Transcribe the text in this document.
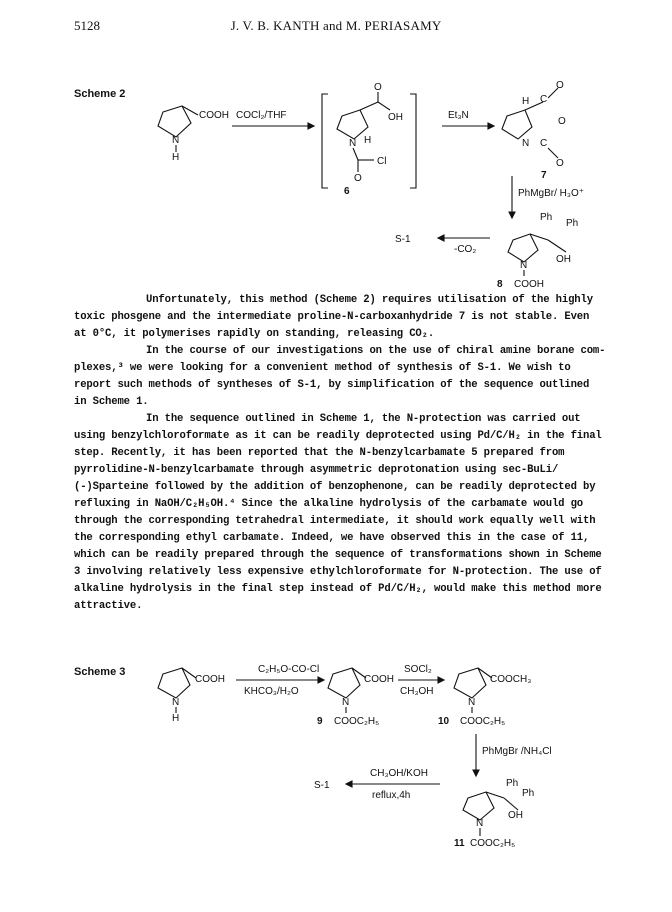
5128	J. V. B. KANTH and M. PERIASAMY
Scheme 2
COOH
N
H
COCl₂/THF
O
OH
N H
Cl
O
6
Et₃N
H C
O
O
N C
O
7
PhMgBr/ H₃O⁺
Ph
Ph
OH
N
8 COOH
-CO₂
S-1
Unfortunately, this method (Scheme 2) requires utilisation of the highly
toxic phosgene and the intermediate proline-N-carboxanhydride 7 is not stable. Even
at 0°C, it polymerises rapidly on standing, releasing CO₂.
In the course of our investigations on the use of chiral amine borane com-
plexes,³ we were looking for a convenient method of synthesis of S-1. We wish to
report such methods of syntheses of S-1, by simplification of the sequence outlined
in Scheme 1.
In the sequence outlined in Scheme 1, the N-protection was carried out
using benzylchloroformate as it can be readily deprotected using Pd/C/H₂ in the final
step. Recently, it has been reported that the N-benzylcarbamate 5 prepared from
pyrrolidine-N-benzylcarbamate through asymmetric deprotonation using sec-BuLi/
(-)Sparteine followed by the addition of benzophenone, can be readily deprotected by
refluxing in NaOH/C₂H₅OH.⁴ Since the alkaline hydrolysis of the carbamate would go
through the corresponding tetrahedral intermediate, it should work equally well with
the corresponding ethyl carbamate. Indeed, we have observed this in the case of 11,
which can be readily prepared through the sequence of transformations shown in Scheme
3 involving relatively less expensive ethylchloroformate for N-protection. The use of
alkaline hydrolysis in the final step instead of Pd/C/H₂, would make this method more
attractive.
Scheme 3
COOH
N
H
C₂H₅O-CO-Cl
KHCO₃/H₂O
COOH
N
9 COOC₂H₅
SOCl₂
CH₃OH
COOCH₃
N
10 COOC₂H₅
PhMgBr /NH₄Cl
Ph
Ph
OH
N
11 COOC₂H₅
CH₃OH/KOH
reflux,4h
S-1
